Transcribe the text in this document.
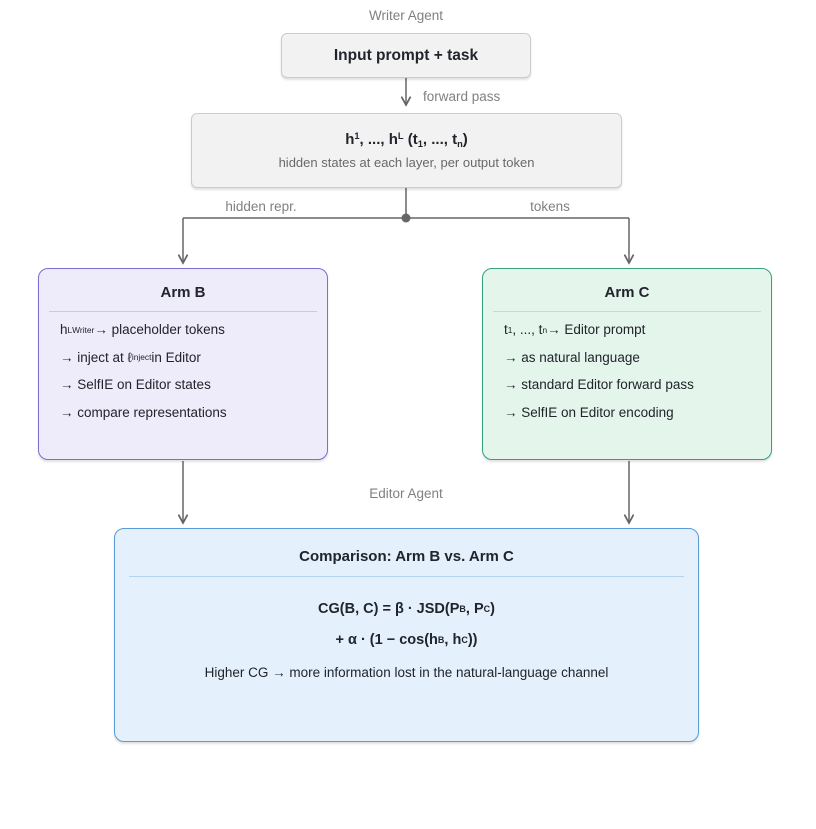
Writer Agent
forward pass
hidden repr.	tokens
Editor Agent
Input prompt + task
$h^1$, ..., $h^L$ ($t_1$, ..., $t_n$)
hidden states at each layer, per output token
Arm B
h L Writer → placeholder tokens
→ inject at ℓ inject in Editor
→ SelfIE on Editor states
→ compare representations
Arm C
t 1 , ..., t n → Editor prompt
→ as natural language
→ standard Editor forward pass
→ SelfIE on Editor encoding
Comparison: Arm B vs. Arm C
CG(B, C) = β · JSD(P B , P C )
+ α · (1 − cos(h B , h C ))
Higher CG → more information lost in the natural-language channel
